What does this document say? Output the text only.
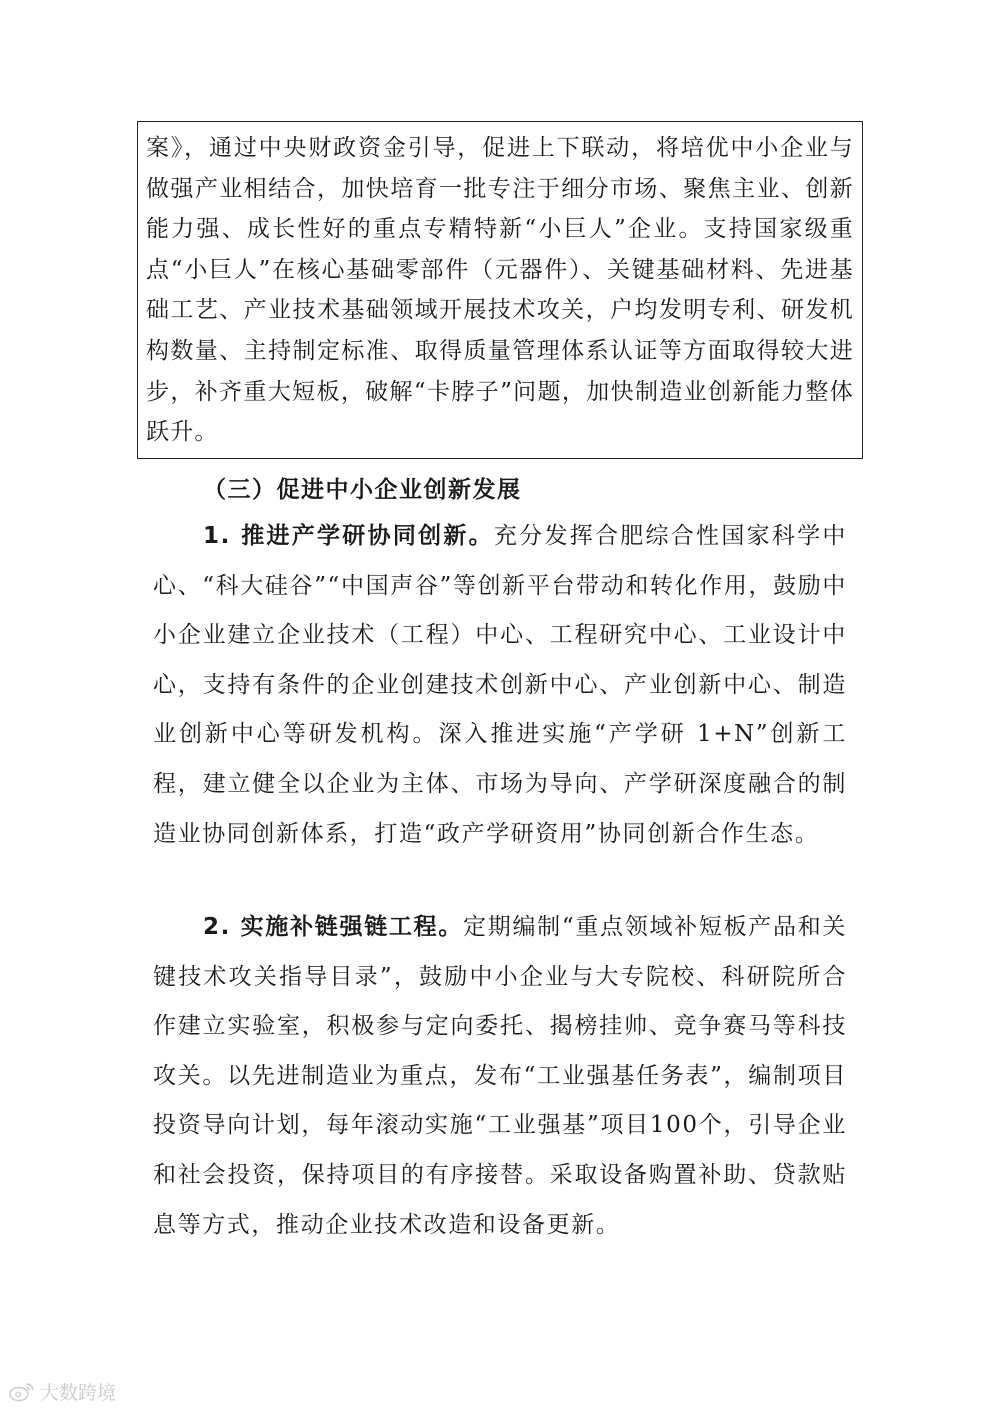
案》，通过中央财政资金引导，促进上下联动，将培优中小企业与做强产业相结合，加快培育一批专注于细分市场、聚焦主业、创新能力强、成长性好的重点专精特新“小巨人”企业。支持国家级重点“小巨人”在核心基础零部件（元器件）、关键基础材料、先进基础工艺、产业技术基础领域开展技术攻关，户均发明专利、研发机构数量、主持制定标准、取得质量管理体系认证等方面取得较大进步，补齐重大短板，破解“卡脖子”问题，加快制造业创新能力整体跃升。

（三）促进中小企业创新发展

1. 推进产学研协同创新。充分发挥合肥综合性国家科学中心、“科大硅谷”“中国声谷”等创新平台带动和转化作用，鼓励中小企业建立企业技术（工程）中心、工程研究中心、工业设计中心，支持有条件的企业创建技术创新中心、产业创新中心、制造业创新中心等研发机构。深入推进实施“产学研 1+N”创新工程，建立健全以企业为主体、市场为导向、产学研深度融合的制造业协同创新体系，打造“政产学研资用”协同创新合作生态。

2. 实施补链强链工程。定期编制“重点领域补短板产品和关键技术攻关指导目录”，鼓励中小企业与大专院校、科研院所合作建立实验室，积极参与定向委托、揭榜挂帅、竞争赛马等科技攻关。以先进制造业为重点，发布“工业强基任务表”，编制项目投资导向计划，每年滚动实施“工业强基”项目100个，引导企业和社会投资，保持项目的有序接替。采取设备购置补助、贷款贴息等方式，推动企业技术改造和设备更新。

大数跨境
